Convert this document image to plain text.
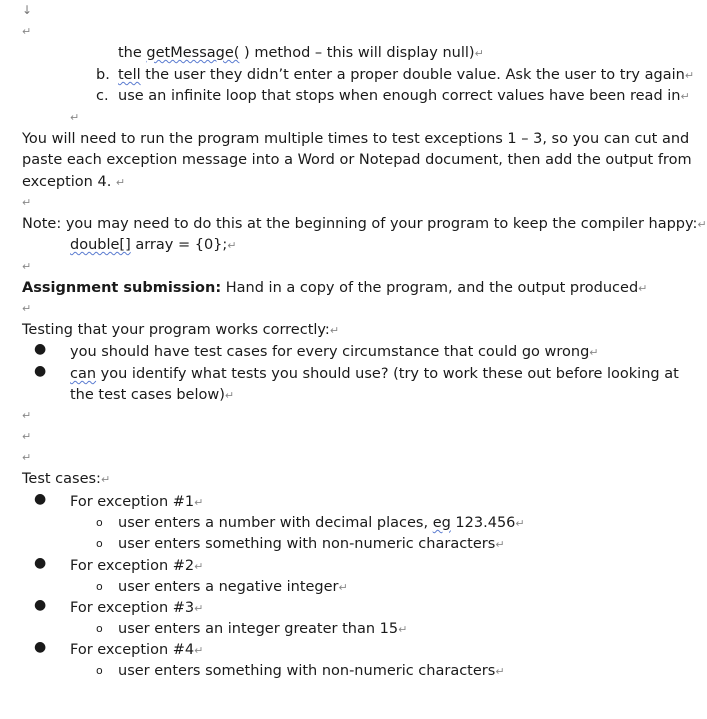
↓
↵
the getMessage( ) method – this will display null)↵
b. tell the user they didn’t enter a proper double value. Ask the user to try again↵
c. use an infinite loop that stops when enough correct values have been read in↵
↵
You will need to run the program multiple times to test exceptions 1 – 3, so you can cut and
paste each exception message into a Word or Notepad document, then add the output from
exception 4. ↵
↵
Note: you may need to do this at the beginning of your program to keep the compiler happy:↵
double[] array = {0};↵
↵
Assignment submission: Hand in a copy of the program, and the output produced↵
↵
Testing that your program works correctly:↵
● you should have test cases for every circumstance that could go wrong↵
● can you identify what tests you should use? (try to work these out before looking at
the test cases below)↵
↵
↵
↵
Test cases:↵
● For exception #1↵
o user enters a number with decimal places, eg 123.456↵
o user enters something with non-numeric characters↵
● For exception #2↵
o user enters a negative integer↵
● For exception #3↵
o user enters an integer greater than 15↵
● For exception #4↵
o user enters something with non-numeric characters↵
